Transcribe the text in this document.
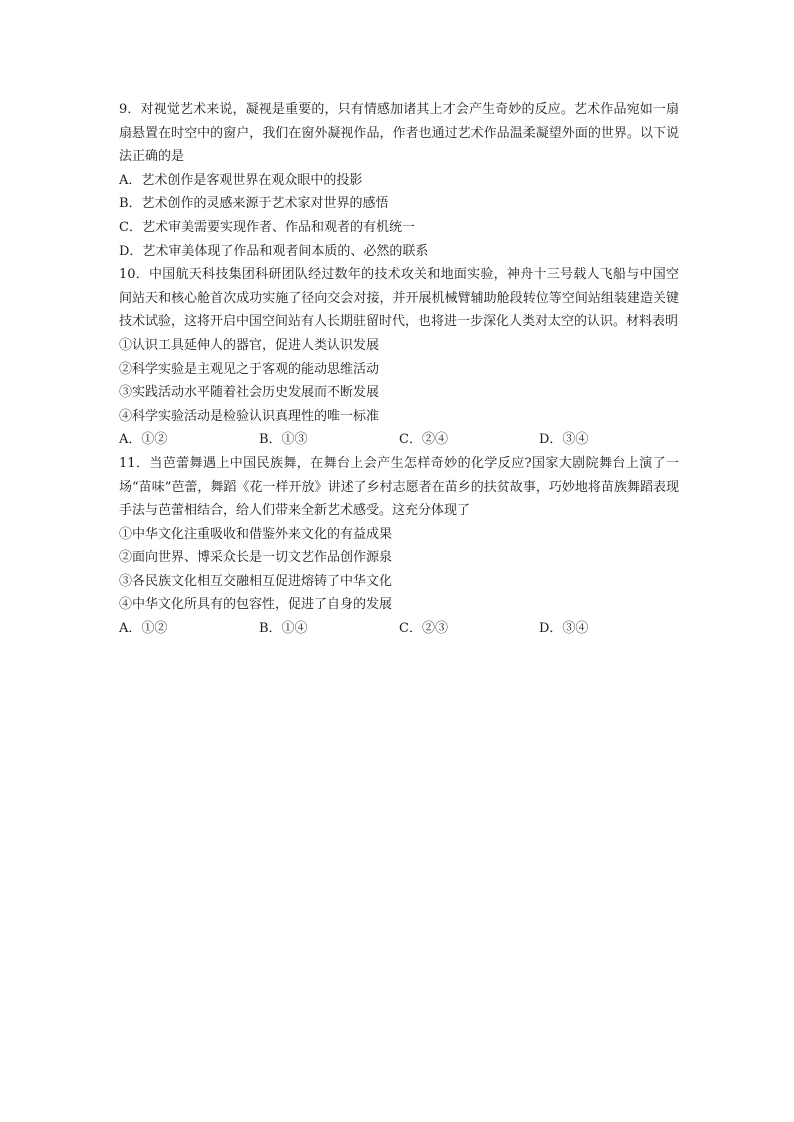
9．对视觉艺术来说，凝视是重要的，只有情感加诸其上才会产生奇妙的反应。艺术作品宛如一扇扇悬置在时空中的窗户，我们在窗外凝视作品，作者也通过艺术作品温柔凝望外面的世界。以下说法正确的是

A．艺术创作是客观世界在观众眼中的投影

B．艺术创作的灵感来源于艺术家对世界的感悟

C．艺术审美需要实现作者、作品和观者的有机统一

D．艺术审美体现了作品和观者间本质的、必然的联系

10．中国航天科技集团科研团队经过数年的技术攻关和地面实验，神舟十三号载人飞船与中国空间站天和核心舱首次成功实施了径向交会对接，并开展机械臂辅助舱段转位等空间站组装建造关键技术试验，这将开启中国空间站有人长期驻留时代，也将进一步深化人类对太空的认识。材料表明

①认识工具延伸人的器官，促进人类认识发展

②科学实验是主观见之于客观的能动思维活动

③实践活动水平随着社会历史发展而不断发展

④科学实验活动是检验认识真理性的唯一标准

A．①②	B．①③	C．②④	D．③④

11．当芭蕾舞遇上中国民族舞，在舞台上会产生怎样奇妙的化学反应?国家大剧院舞台上演了一场“苗味”芭蕾，舞蹈《花一样开放》讲述了乡村志愿者在苗乡的扶贫故事，巧妙地将苗族舞蹈表现手法与芭蕾相结合，给人们带来全新艺术感受。这充分体现了

①中华文化注重吸收和借鉴外来文化的有益成果

②面向世界、博采众长是一切文艺作品创作源泉

③各民族文化相互交融相互促进熔铸了中华文化

④中华文化所具有的包容性，促进了自身的发展

A．①②	B．①④	C．②③	D．③④
